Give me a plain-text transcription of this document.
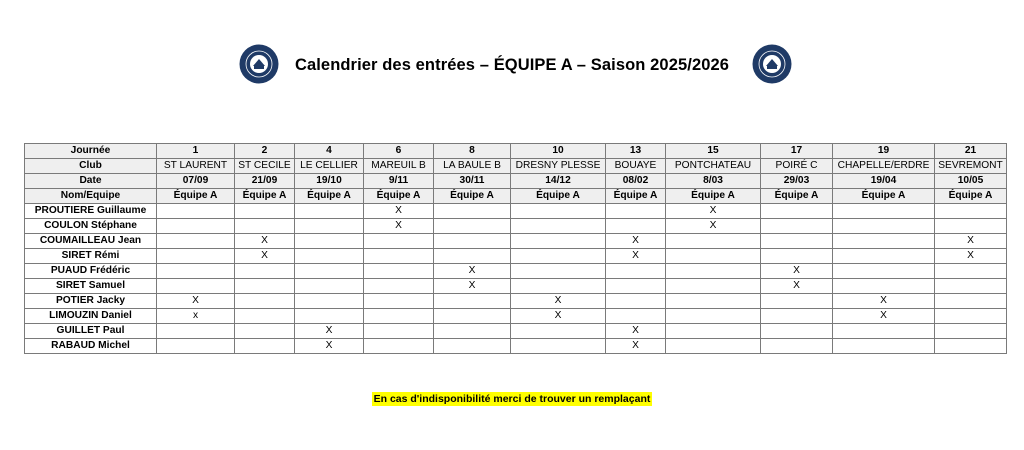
Calendrier des entrées – ÉQUIPE A – Saison 2025/2026
Journée	1	2	4	6	8	10	13	15	17	19	21
Club	ST LAURENT	ST CECILE	LE CELLIER	MAREUIL B	LA BAULE B	DRESNY PLESSE	BOUAYE	PONTCHATEAU	POIRÉ C	CHAPELLE/ERDRE	SEVREMONT
Date	07/09	21/09	19/10	9/11	30/11	14/12	08/02	8/03	29/03	19/04	10/05
Nom/Equipe	Équipe A	Équipe A	Équipe A	Équipe A	Équipe A	Équipe A	Équipe A	Équipe A	Équipe A	Équipe A	Équipe A
PROUTIERE Guillaume				X				X			
COULON Stéphane				X				X			
COUMAILLEAU Jean		X					X				X
SIRET Rémi		X					X				X
PUAUD Frédéric					X				X		
SIRET Samuel					X				X		
POTIER Jacky	X					X				X	
LIMOUZIN Daniel	x					X				X	
GUILLET Paul			X				X				
RABAUD Michel			X				X				
En cas d'indisponibilité merci de trouver un remplaçant
